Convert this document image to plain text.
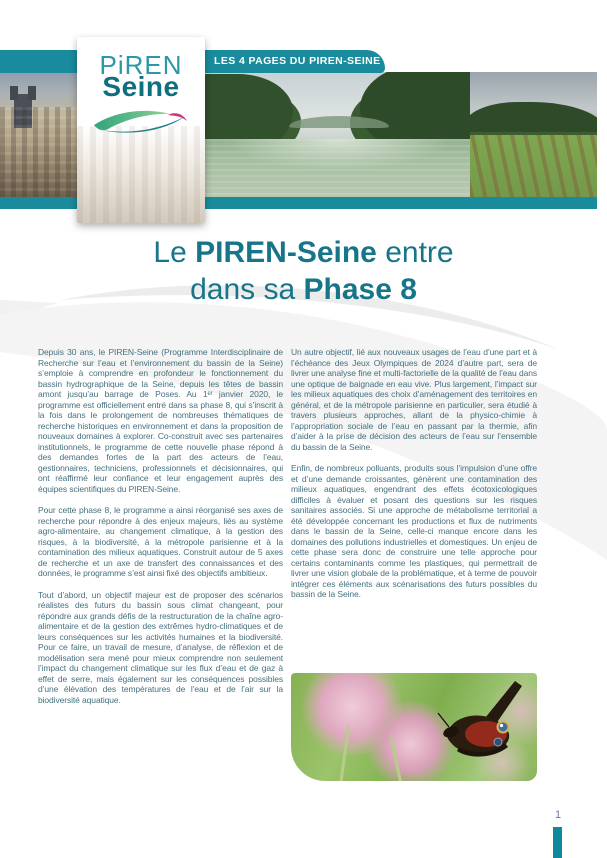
LES 4 PAGES DU PIREN-SEINE
PiREN
Seine
Le PIREN-Seine entre
dans sa Phase 8

Depuis 30 ans, le PIREN-Seine (Programme Interdisciplinaire de Recherche sur l’eau et l’environnement du bassin de la Seine) s’emploie à comprendre en profondeur le fonctionnement du bassin hydrographique de la Seine, depuis les têtes de bassin amont jusqu’au barrage de Poses. Au 1ᵉʳ janvier 2020, le programme est officiellement entré dans sa phase 8, qui s’inscrit à la fois dans le prolongement de nombreuses thématiques de recherche historiques en environnement et dans la proposition de nouveaux domaines à explorer. Co-construit avec ses partenaires institutionnels, le programme de cette nouvelle phase répond à des demandes fortes de la part des acteurs de l’eau, gestionnaires, techniciens, professionnels et décisionnaires, qui ont réaffirmé leur confiance et leur engagement auprès des équipes scientifiques du PIREN-Seine.

Pour cette phase 8, le programme a ainsi réorganisé ses axes de recherche pour répondre à des enjeux majeurs, liés au système agro-alimentaire, au changement climatique, à la gestion des risques, à la biodiversité, à la métropole parisienne et à la contamination des milieux aquatiques. Construit autour de 5 axes de recherche et un axe de transfert des connaissances et des données, le programme s’est ainsi fixé des objectifs ambitieux.

Tout d’abord, un objectif majeur est de proposer des scénarios réalistes des futurs du bassin sous climat changeant, pour répondre aux grands défis de la restructuration de la chaîne agro-alimentaire et de la gestion des extrêmes hydro-climatiques et de leurs conséquences sur les activités humaines et la biodiversité. Pour ce faire, un travail de mesure, d’analyse, de réflexion et de modélisation sera mené pour mieux comprendre non seulement l’impact du changement climatique sur les flux d’eau et de gaz à effet de serre, mais également sur les conséquences possibles d’une élévation des températures de l’eau et de l’air sur la biodiversité aquatique.

Un autre objectif, lié aux nouveaux usages de l’eau d’une part et à l’échéance des Jeux Olympiques de 2024 d’autre part, sera de livrer une analyse fine et multi-factorielle de la qualité de l’eau dans une optique de baignade en eau vive. Plus largement, l’impact sur les milieux aquatiques des choix d’aménagement des territoires en général, et de la métropole parisienne en particulier, sera étudié à travers plusieurs approches, allant de la physico-chimie à l’appropriation sociale de l’eau en passant par la thermie, afin d’aider à la prise de décision des acteurs de l’eau sur l’ensemble du bassin de la Seine.

Enfin, de nombreux polluants, produits sous l’impulsion d’une offre et d’une demande croissantes, génèrent une contamination des milieux aquatiques, engendrant des effets écotoxicologiques difficiles à évaluer et posant des questions sur les risques sanitaires associés. Si une approche de métabolisme territorial a été développée concernant les productions et flux de nutriments dans le bassin de la Seine, celle-ci manque encore dans les domaines des pollutions industrielles et domestiques. Un enjeu de cette phase sera donc de construire une telle approche pour certains contaminants comme les plastiques, qui permettrait de livrer une vision globale de la problématique, et à terme de pouvoir intégrer ces éléments aux scénarisations des futurs possibles du bassin de la Seine.

1
